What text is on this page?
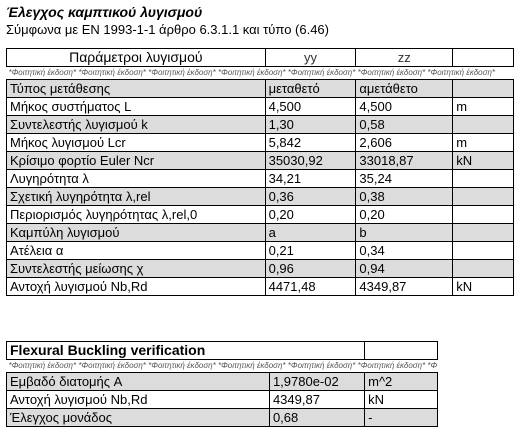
Έλεγχος καμπτικού λυγισμού
Σύμφωνα με EN 1993-1-1 άρθρο 6.3.1.1 και τύπο (6.46)
Παράμετροι λυγισμού	yy	zz	
*Φοιτητική έκδοση* *Φοιτητική έκδοση* *Φοιτητική έκδοση* *Φοιτητική έκδοση* *Φοιτητική έκδοση* *Φοιτητική έκδοση* *Φοιτητική έκδοση*			
Τύπος μετάθεσης	μεταθετό	αμετάθετο	
Μήκος συστήματος L	4,500	4,500	m
Συντελεστής λυγισμού k	1,30	0,58	
Μήκος λυγισμού Lcr	5,842	2,606	m
Κρίσιμο φορτίο Euler Ncr	35030,92	33018,87	kN
Λυγηρότητα λ	34,21	35,24	
Σχετική λυγηρότητα λ,rel	0,36	0,38	
Περιορισμός λυγηρότητας λ,rel,0	0,20	0,20	
Καμπύλη λυγισμού	a	b	
Ατέλεια α	0,21	0,34	
Συντελεστής μείωσης χ	0,96	0,94	
Αντοχή λυγισμού Nb,Rd	4471,48	4349,87	kN
Flexural Buckling verification		
*Φοιτητική έκδοση* *Φοιτητική έκδοση* *Φοιτητική έκδοση* *Φοιτητική έκδοση* *Φοιτητική έκδοση* *Φοιτητική έκδοση* *Φ		
Εμβαδό διατομής A	1,9780e-02	m^2
Αντοχή λυγισμού Nb,Rd	4349,87	kN
Έλεγχος μονάδος	0,68	-
